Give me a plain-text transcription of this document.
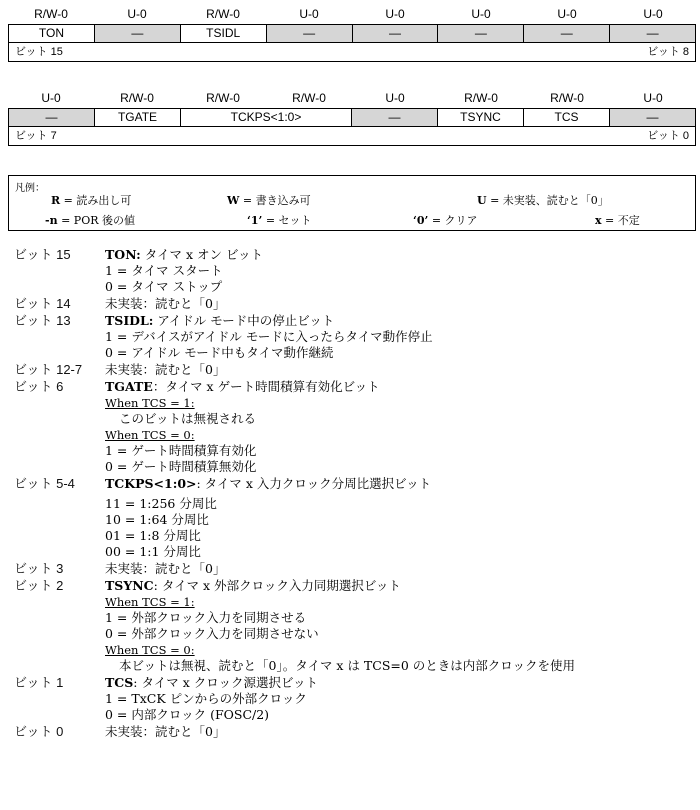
R/W-0	U-0	R/W-0	U-0	U-0	U-0	U-0	U-0
TON	—	TSIDL	—	—	—	—	—
ビット 15	ビット 8
U-0	R/W-0	R/W-0	R/W-0	U-0	R/W-0	R/W-0	U-0
—	TGATE	TCKPS<1:0>	—	TSYNC	TCS	—
ビット 7	ビット 0
凡例：
R = 読み出し可	W = 書き込み可	U = 未実装、読むと「0」
-n = POR 後の値	‘1’ = セット	‘0’ = クリア	x = 不定
ビット 15	TON: タイマ x オン ビット
1 = タイマ スタート
0 = タイマ ストップ
ビット 14	未実装：読むと「0」
ビット 13	TSIDL: アイドル モード中の停止ビット
1 = デバイスがアイドル モードに入ったらタイマ動作停止
0 = アイドル モード中もタイマ動作継続
ビット 12-7	未実装：読むと「0」
ビット 6	TGATE：タイマ x ゲート時間積算有効化ビット
When TCS = 1:
このビットは無視される
When TCS = 0:
1 = ゲート時間積算有効化
0 = ゲート時間積算無効化
ビット 5-4	TCKPS<1:0>: タイマ x 入力クロック分周比選択ビット
11 = 1:256 分周比
10 = 1:64 分周比
01 = 1:8 分周比
00 = 1:1 分周比
ビット 3	未実装：読むと「0」
ビット 2	TSYNC: タイマ x 外部クロック入力同期選択ビット
When TCS = 1:
1 = 外部クロック入力を同期させる
0 = 外部クロック入力を同期させない
When TCS = 0:
本ビットは無視、読むと「0」。タイマ x は TCS=0 のときは内部クロックを使用
ビット 1	TCS: タイマ x クロック源選択ビット
1 = TxCK ピンからの外部クロック
0 = 内部クロック (FOSC/2)
ビット 0	未実装：読むと「0」
